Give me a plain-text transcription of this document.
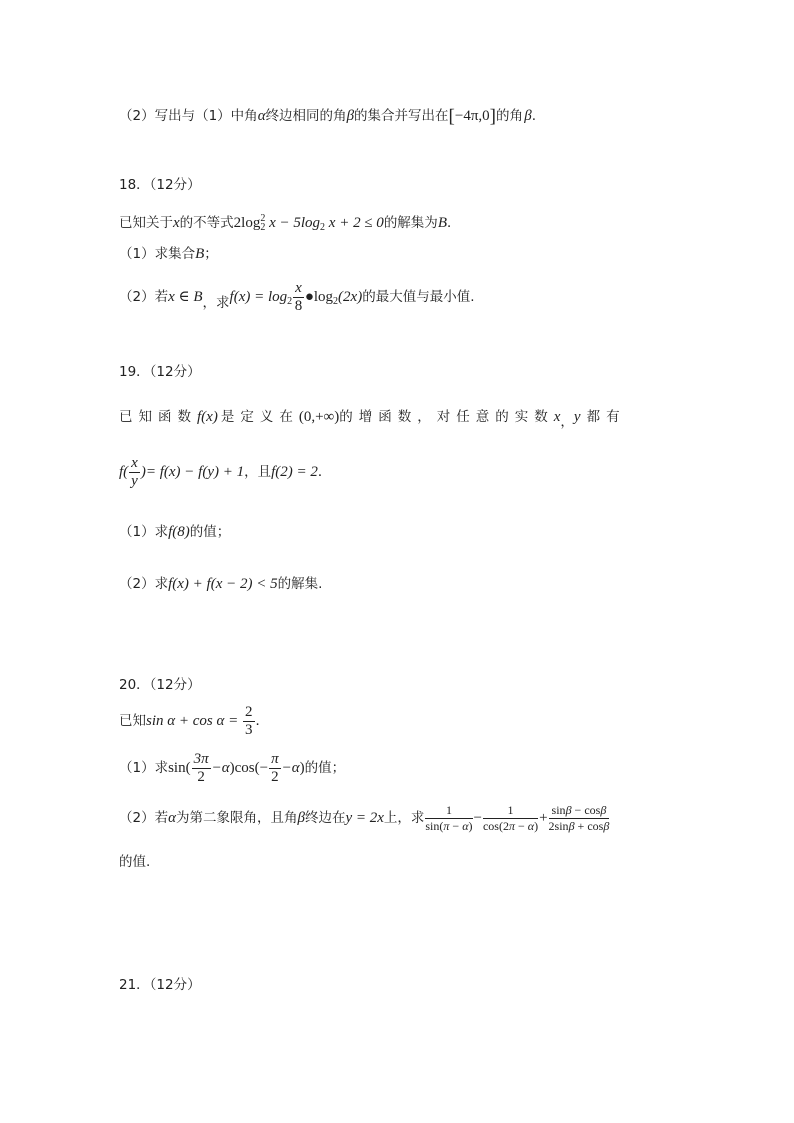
（2）写出与（1）中角α终边相同的角β的集合并写出在[−4π,0]的角 β.
18．（12分）
已知关于x的不等式$2\log_2^2$ $x - 5\log_2$ x + 2 ≤ 0的解集为B．
（1）求集合B；
（2）若x ∈ B，求$f(x) = \log_2 \frac{x}{8}$ $●\log_2(2x)$的最大值与最小值.
19．（12分）
已知函数f(x) 是定义在(0,+∞)的增函数，对任意的实数x，y 都有
$f( \frac{x}{y}$ )= f(x) − f(y) + 1，且f(2) = 2．
（1）求f(8)的值；
（2）求f(x) + f(x − 2) < 5的解集.
20．（12分）
已知$\sin \alpha + \cos \alpha = \frac{2}{3}$ ．
（1）求$\sin( \frac{3\pi}{2} -\alpha)\cos(- \frac{\pi}{2} -\alpha)$的值；
（2）若α为第二象限角，且角β终边在y = 2x上，求 $\frac{1}{\sin(\pi - \alpha)} - \frac{1}{\cos(2\pi - \alpha)} + \frac{\sin\beta - \cos\beta}{2\sin\beta + \cos\beta}$
的值.
21．（12分）
